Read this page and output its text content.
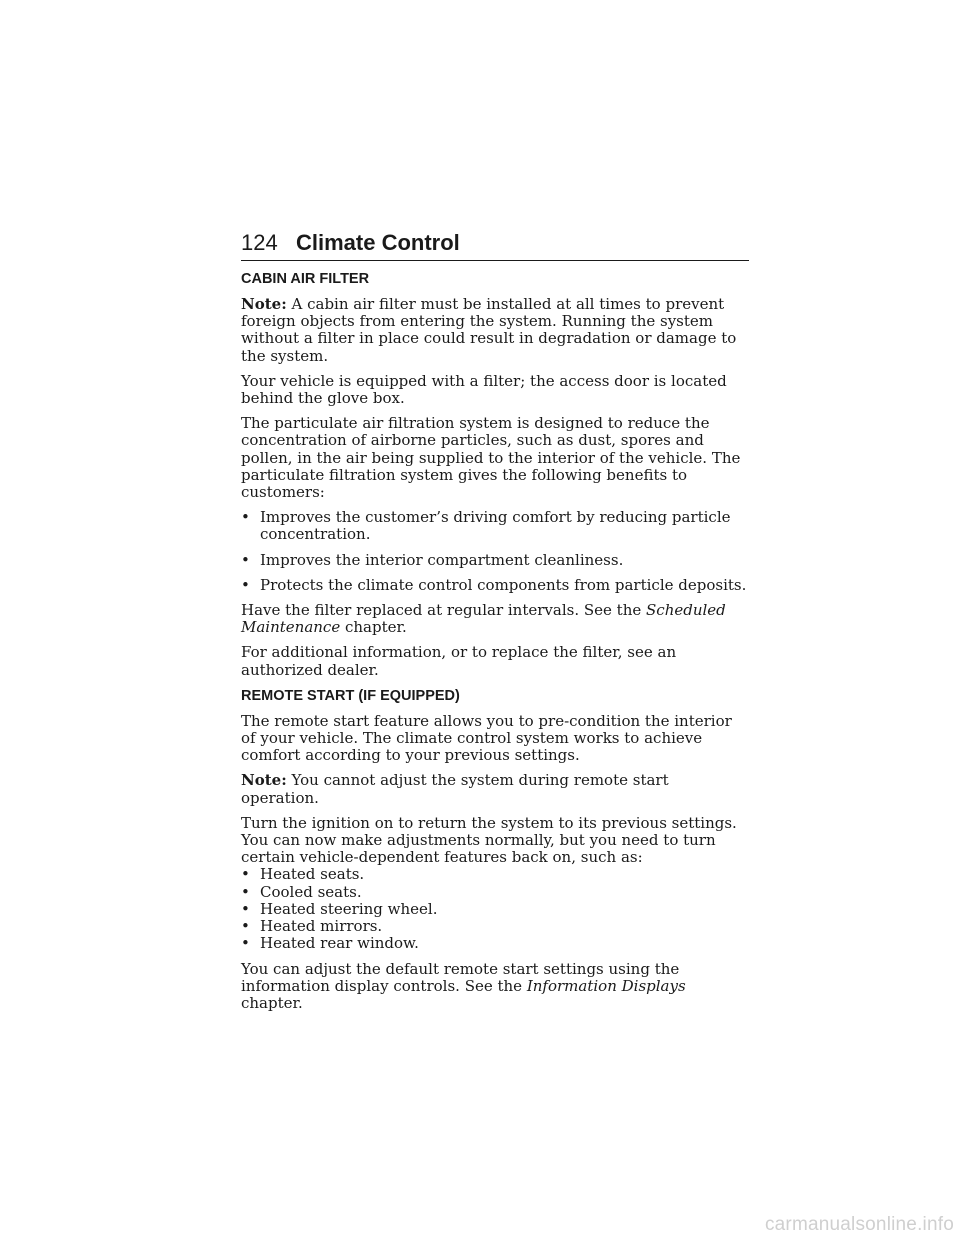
124 Climate Control
CABIN AIR FILTER

Note: A cabin air filter must be installed at all times to prevent foreign objects from entering the system. Running the system without a filter in place could result in degradation or damage to the system.

Your vehicle is equipped with a filter; the access door is located behind the glove box.

The particulate air filtration system is designed to reduce the concentration of airborne particles, such as dust, spores and pollen, in the air being supplied to the interior of the vehicle. The particulate filtration system gives the following benefits to customers:

• Improves the customer’s driving comfort by reducing particle concentration.
• Improves the interior compartment cleanliness.
• Protects the climate control components from particle deposits.

Have the filter replaced at regular intervals. See the Scheduled Maintenance chapter.

For additional information, or to replace the filter, see an authorized dealer.

REMOTE START (IF EQUIPPED)

The remote start feature allows you to pre-condition the interior of your vehicle. The climate control system works to achieve comfort according to your previous settings.

Note: You cannot adjust the system during remote start operation.

Turn the ignition on to return the system to its previous settings. You can now make adjustments normally, but you need to turn certain vehicle-dependent features back on, such as:

• Heated seats.
• Cooled seats.
• Heated steering wheel.
• Heated mirrors.
• Heated rear window.

You can adjust the default remote start settings using the information display controls. See the Information Displays chapter.

carmanualsonline.info
